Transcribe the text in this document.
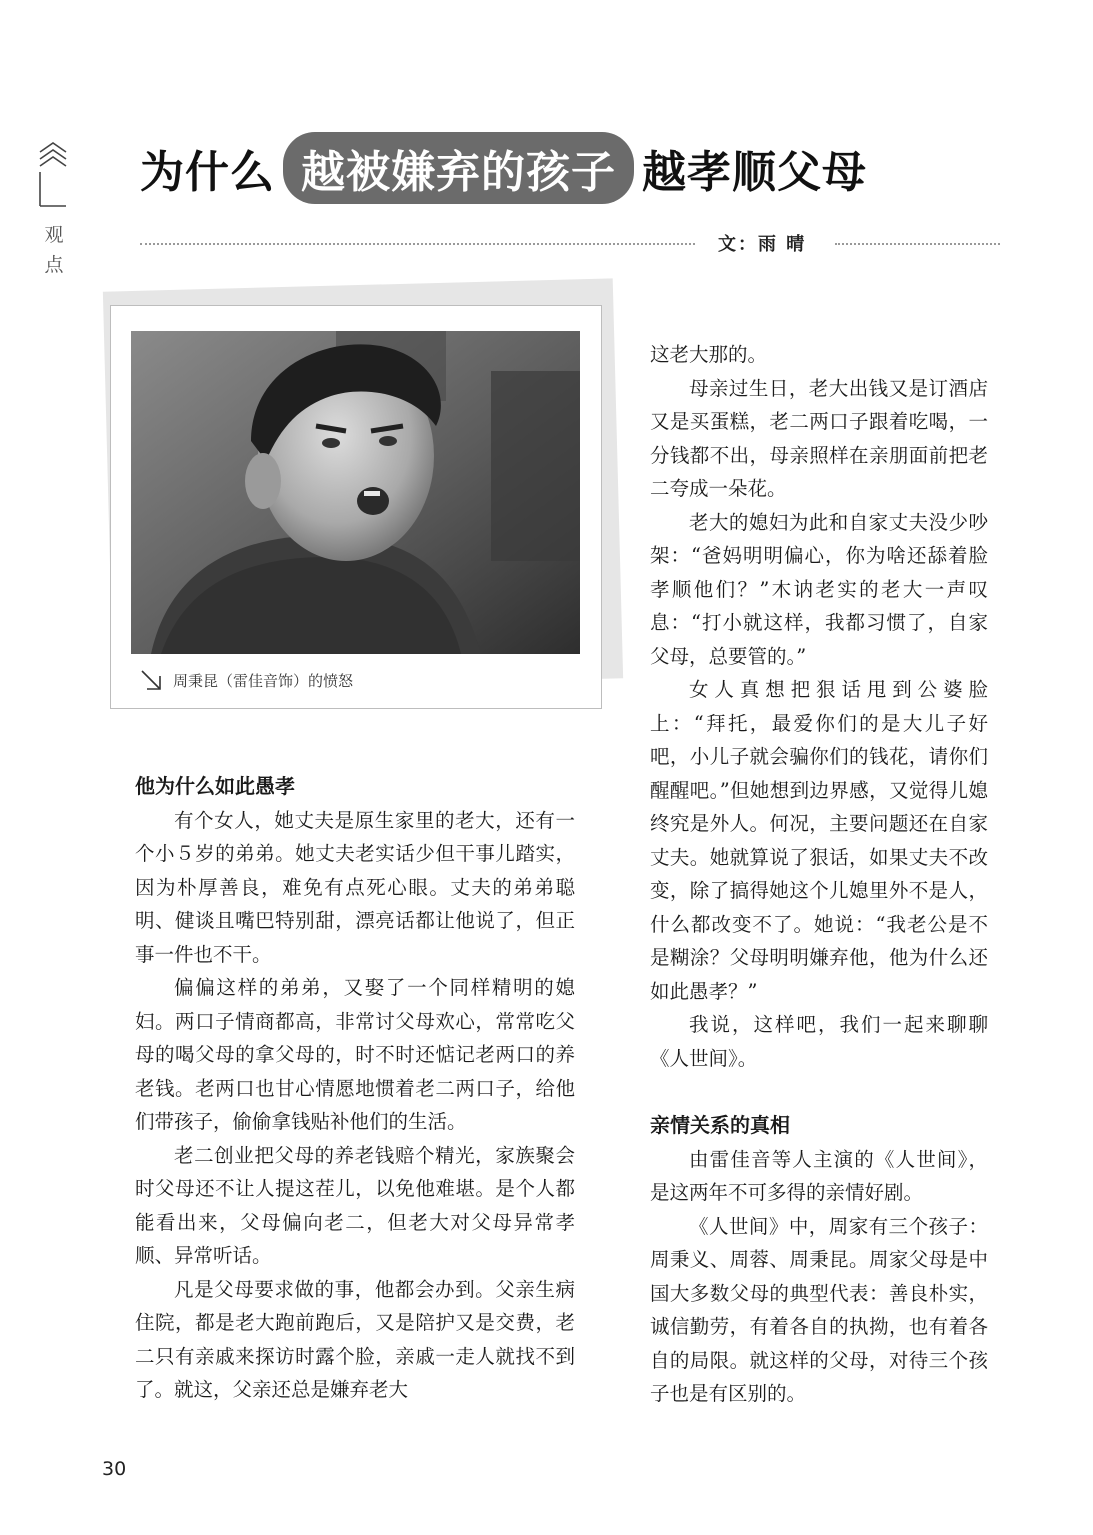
观
点
为什么 越被嫌弃的孩子 越孝顺父母
文：雨 晴
周秉昆（雷佳音饰）的愤怒
他为什么如此愚孝

有个女人，她丈夫是原生家里的老大，还有一个小５岁的弟弟。她丈夫老实话少但干事儿踏实，因为朴厚善良，难免有点死心眼。丈夫的弟弟聪明、健谈且嘴巴特别甜，漂亮话都让他说了，但正事一件也不干。

偏偏这样的弟弟，又娶了一个同样精明的媳妇。两口子情商都高，非常讨父母欢心，常常吃父母的喝父母的拿父母的，时不时还惦记老两口的养老钱。老两口也甘心情愿地惯着老二两口子，给他们带孩子，偷偷拿钱贴补他们的生活。

老二创业把父母的养老钱赔个精光，家族聚会时父母还不让人提这茬儿，以免他难堪。是个人都能看出来，父母偏向老二，但老大对父母异常孝顺、异常听话。

凡是父母要求做的事，他都会办到。父亲生病住院，都是老大跑前跑后，又是陪护又是交费，老二只有亲戚来探访时露个脸，亲戚一走人就找不到了。就这，父亲还总是嫌弃老大

这老大那的。

母亲过生日，老大出钱又是订酒店又是买蛋糕，老二两口子跟着吃喝，一分钱都不出，母亲照样在亲朋面前把老二夸成一朵花。

老大的媳妇为此和自家丈夫没少吵架：“爸妈明明偏心，你为啥还舔着脸孝顺他们？”木讷老实的老大一声叹息：“打小就这样，我都习惯了，自家父母，总要管的。”

女人真想把狠话甩到公婆脸上：“拜托，最爱你们的是大儿子好吧，小儿子就会骗你们的钱花，请你们醒醒吧。”但她想到边界感，又觉得儿媳终究是外人。何况，主要问题还在自家丈夫。她就算说了狠话，如果丈夫不改变，除了搞得她这个儿媳里外不是人，什么都改变不了。她说：“我老公是不是糊涂？父母明明嫌弃他，他为什么还如此愚孝？”

我说，这样吧，我们一起来聊聊《人世间》。

亲情关系的真相

由雷佳音等人主演的《人世间》，是这两年不可多得的亲情好剧。

《人世间》中，周家有三个孩子：周秉义、周蓉、周秉昆。周家父母是中国大多数父母的典型代表：善良朴实，诚信勤劳，有着各自的执拗，也有着各自的局限。就这样的父母，对待三个孩子也是有区别的。

30
